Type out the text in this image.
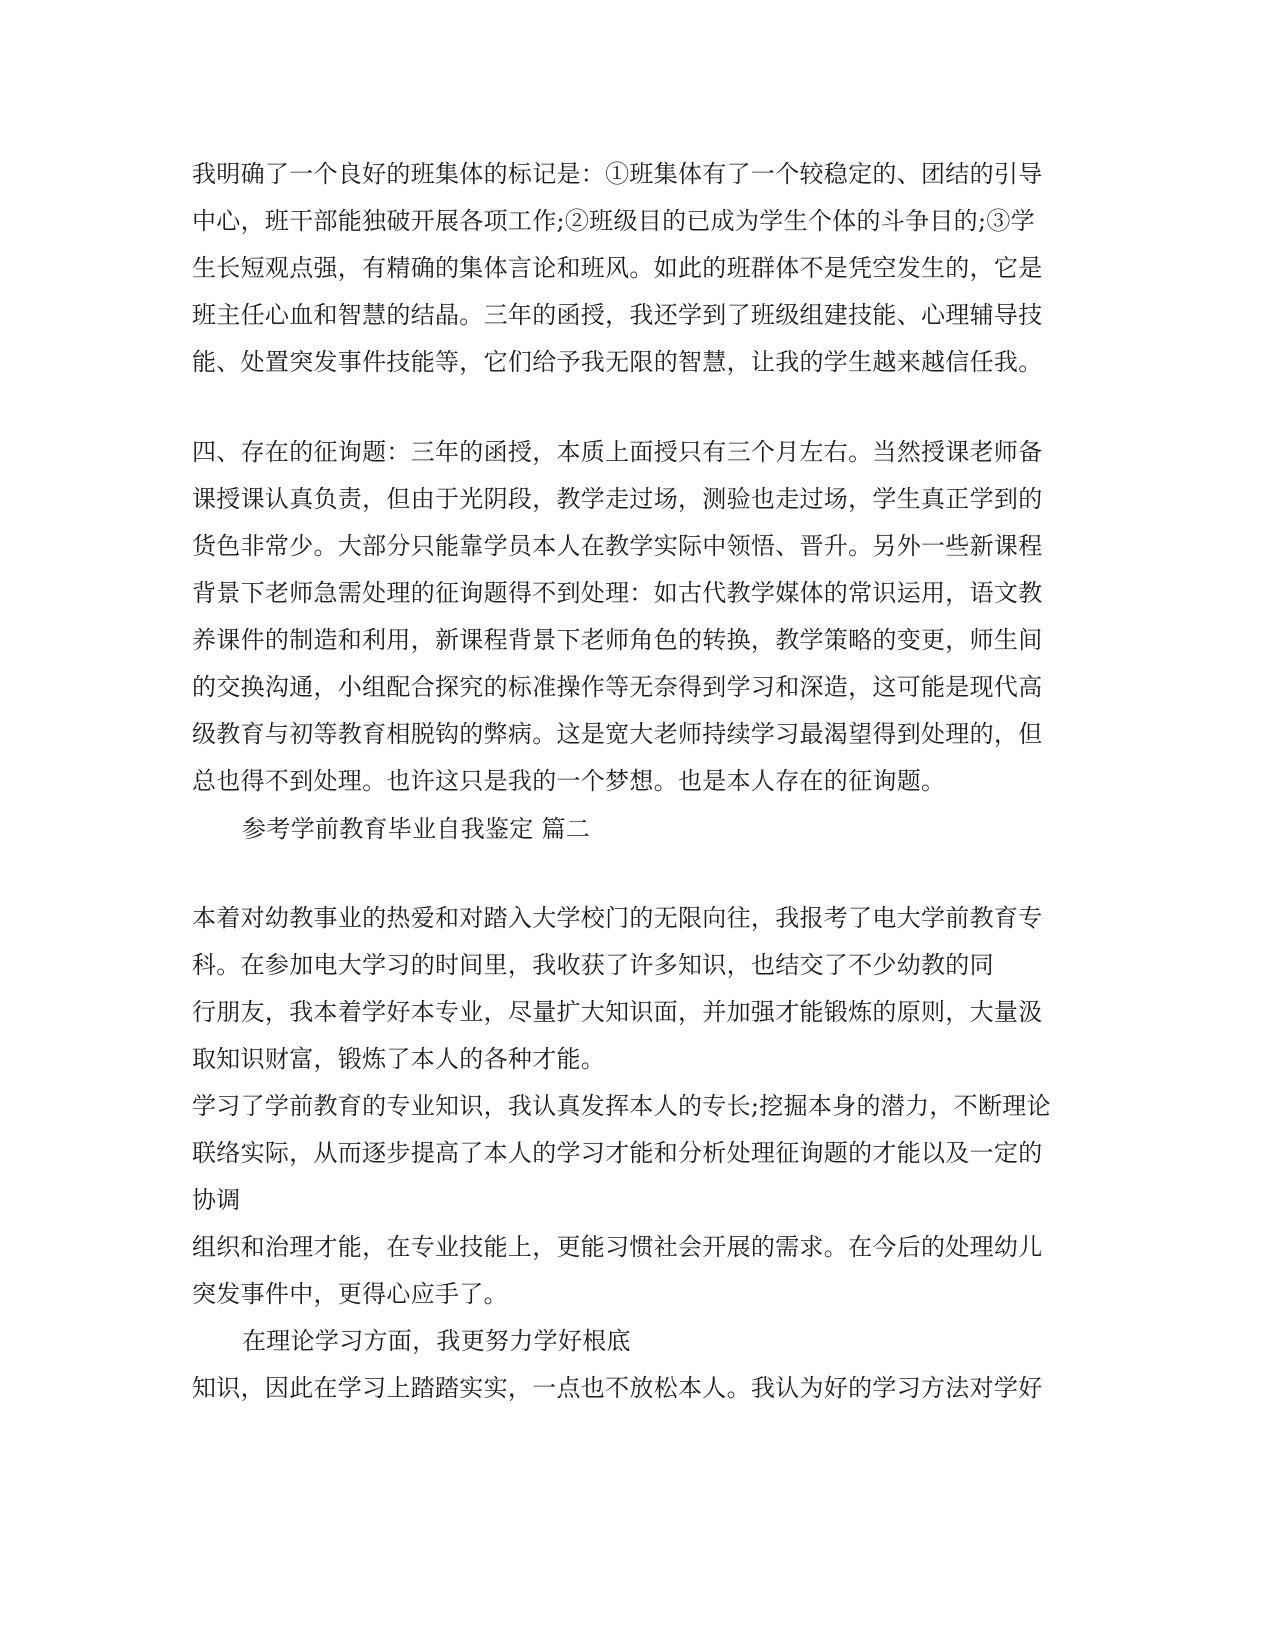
我明确了一个良好的班集体的标记是：①班集体有了一个较稳定的、团结的引导
中心，班干部能独破开展各项工作;②班级目的已成为学生个体的斗争目的;③学
生长短观点强，有精确的集体言论和班风。如此的班群体不是凭空发生的，它是
班主任心血和智慧的结晶。三年的函授，我还学到了班级组建技能、心理辅导技
能、处置突发事件技能等，它们给予我无限的智慧，让我的学生越来越信任我。
四、存在的征询题：三年的函授，本质上面授只有三个月左右。当然授课老师备
课授课认真负责，但由于光阴段，教学走过场，测验也走过场，学生真正学到的
货色非常少。大部分只能靠学员本人在教学实际中领悟、晋升。另外一些新课程
背景下老师急需处理的征询题得不到处理：如古代教学媒体的常识运用，语文教
养课件的制造和利用，新课程背景下老师角色的转换，教学策略的变更，师生间
的交换沟通，小组配合探究的标准操作等无奈得到学习和深造，这可能是现代高
级教育与初等教育相脱钩的弊病。这是宽大老师持续学习最渴望得到处理的，但
总也得不到处理。也许这只是我的一个梦想。也是本人存在的征询题。
参考学前教育毕业自我鉴定 篇二
本着对幼教事业的热爱和对踏入大学校门的无限向往，我报考了电大学前教育专
科。在参加电大学习的时间里，我收获了许多知识，也结交了不少幼教的同
行朋友，我本着学好本专业，尽量扩大知识面，并加强才能锻炼的原则，大量汲
取知识财富，锻炼了本人的各种才能。
学习了学前教育的专业知识，我认真发挥本人的专长;挖掘本身的潜力，不断理论
联络实际，从而逐步提高了本人的学习才能和分析处理征询题的才能以及一定的
协调
组织和治理才能，在专业技能上，更能习惯社会开展的需求。在今后的处理幼儿
突发事件中，更得心应手了。
在理论学习方面，我更努力学好根底
知识，因此在学习上踏踏实实，一点也不放松本人。我认为好的学习方法对学好
